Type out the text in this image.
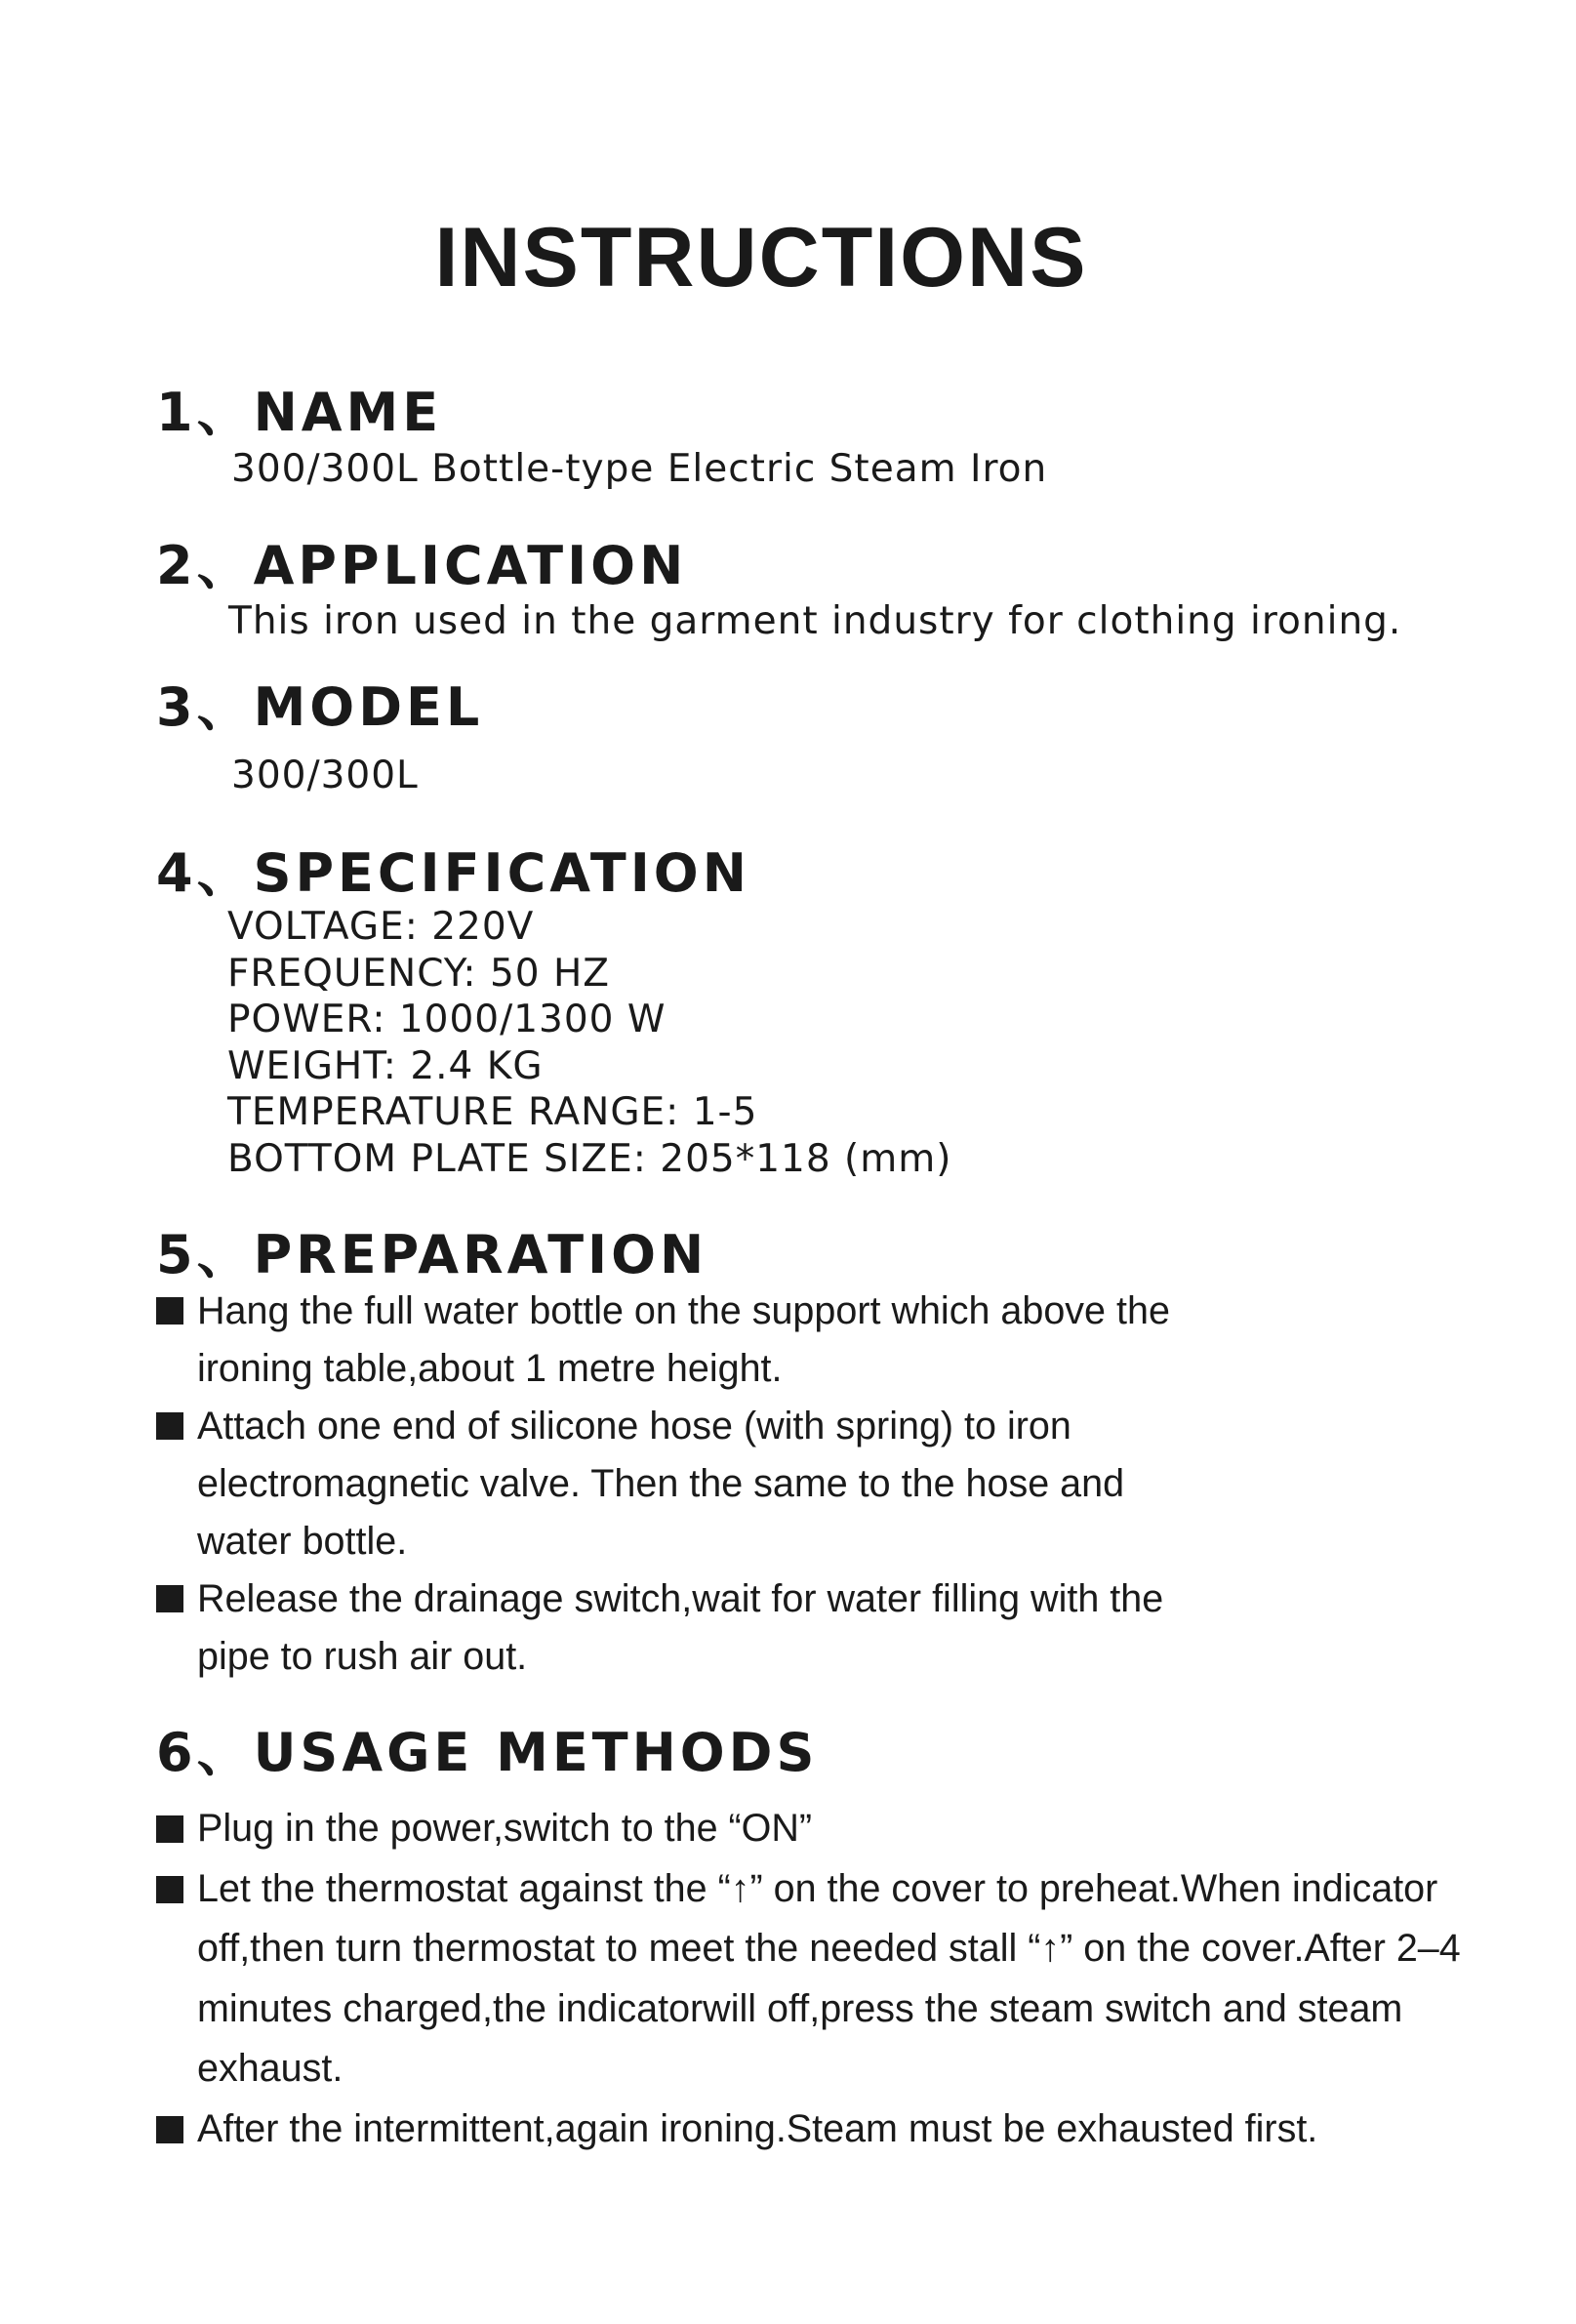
INSTRUCTIONS
1、NAME

300/300L Bottle-type Electric Steam Iron

2、APPLICATION

This iron used in the garment industry for clothing ironing.

3、MODEL

300/300L

4、SPECIFICATION
VOLTAGE: 220V
FREQUENCY: 50 HZ
POWER: 1000/1300 W
WEIGHT: 2.4 KG
TEMPERATURE RANGE: 1-5
BOTTOM PLATE SIZE: 205*118 (mm)
5、PREPARATION
Hang the full water bottle on the support which above the ironing table,about 1 metre height.
Attach one end of silicone hose (with spring) to iron electromagnetic valve. Then the same to the hose and water bottle.
Release the drainage switch,wait for water filling with the pipe to rush air out.
6、USAGE METHODS
Plug in the power,switch to the “ON”
Let the thermostat against the “↑” on the cover to preheat.When indicator off,then turn thermostat to meet the needed stall “↑” on the cover.After 2–4 minutes charged,the indicatorwill off,press the steam switch and steam exhaust.
After the intermittent,again ironing.Steam must be exhausted first.
